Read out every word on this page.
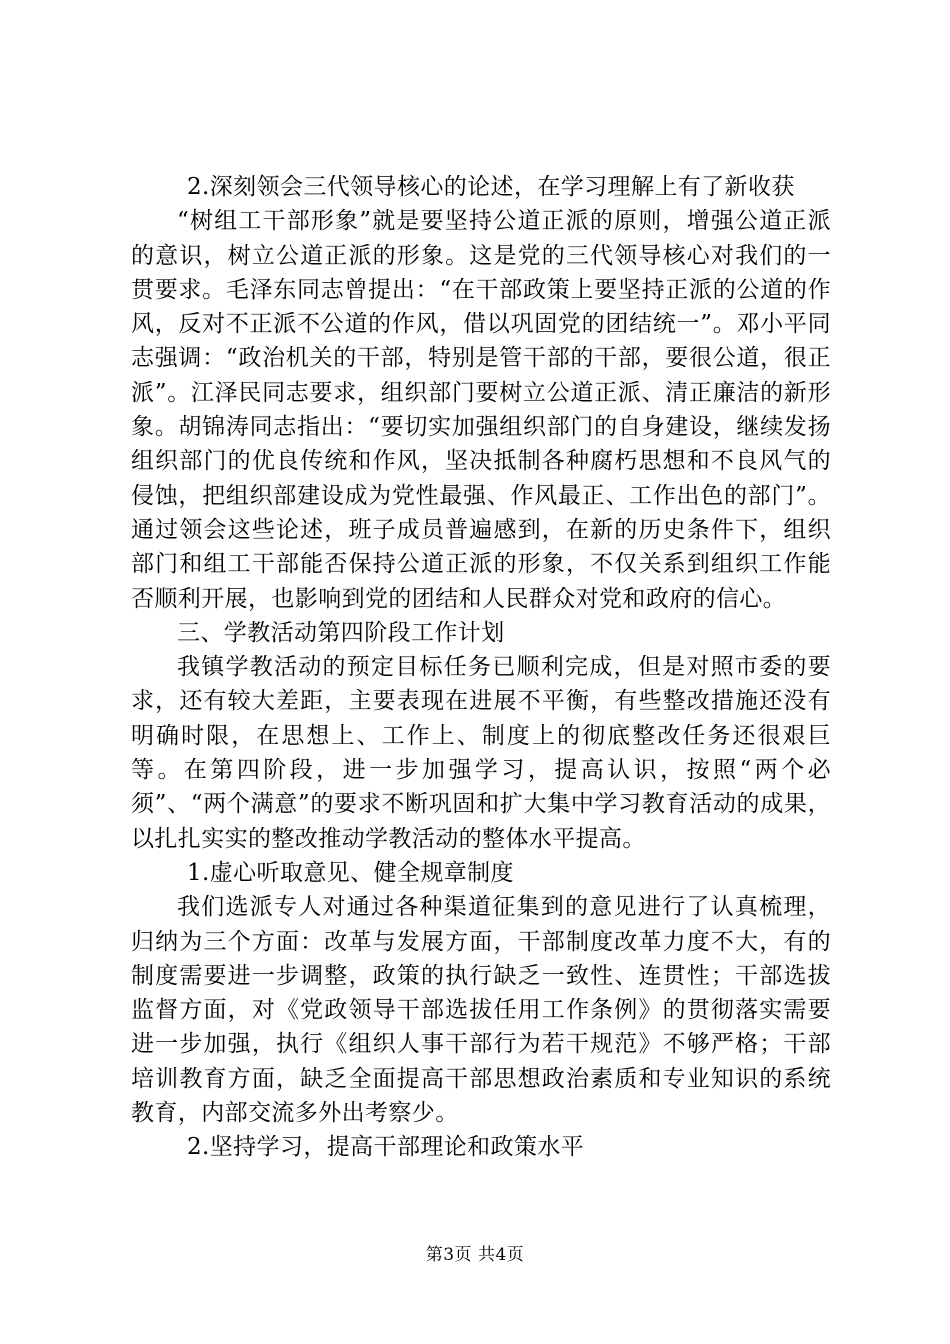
2.深刻领会三代领导核心的论述，在学习理解上有了新收获

“树组工干部形象”就是要坚持公道正派的原则，增强公道正派的意识，树立公道正派的形象。这是党的三代领导核心对我们的一贯要求。毛泽东同志曾提出：“在干部政策上要坚持正派的公道的作风，反对不正派不公道的作风，借以巩固党的团结统一”。邓小平同志强调：“政治机关的干部，特别是管干部的干部，要很公道，很正派”。江泽民同志要求，组织部门要树立公道正派、清正廉洁的新形象。胡锦涛同志指出：“要切实加强组织部门的自身建设，继续发扬组织部门的优良传统和作风，坚决抵制各种腐朽思想和不良风气的侵蚀，把组织部建设成为党性最强、作风最正、工作出色的部门”。通过领会这些论述，班子成员普遍感到，在新的历史条件下，组织部门和组工干部能否保持公道正派的形象，不仅关系到组织工作能否顺利开展，也影响到党的团结和人民群众对党和政府的信心。

三、学教活动第四阶段工作计划

我镇学教活动的预定目标任务已顺利完成，但是对照市委的要求，还有较大差距，主要表现在进展不平衡，有些整改措施还没有明确时限，在思想上、工作上、制度上的彻底整改任务还很艰巨等。在第四阶段，进一步加强学习，提高认识，按照“两个必须”、“两个满意”的要求不断巩固和扩大集中学习教育活动的成果，以扎扎实实的整改推动学教活动的整体水平提高。

1.虚心听取意见、健全规章制度

我们选派专人对通过各种渠道征集到的意见进行了认真梳理，归纳为三个方面：改革与发展方面，干部制度改革力度不大，有的制度需要进一步调整，政策的执行缺乏一致性、连贯性；干部选拔监督方面，对《党政领导干部选拔任用工作条例》的贯彻落实需要进一步加强，执行《组织人事干部行为若干规范》不够严格；干部培训教育方面，缺乏全面提高干部思想政治素质和专业知识的系统教育，内部交流多外出考察少。

2.坚持学习，提高干部理论和政策水平

第3页 共4页
